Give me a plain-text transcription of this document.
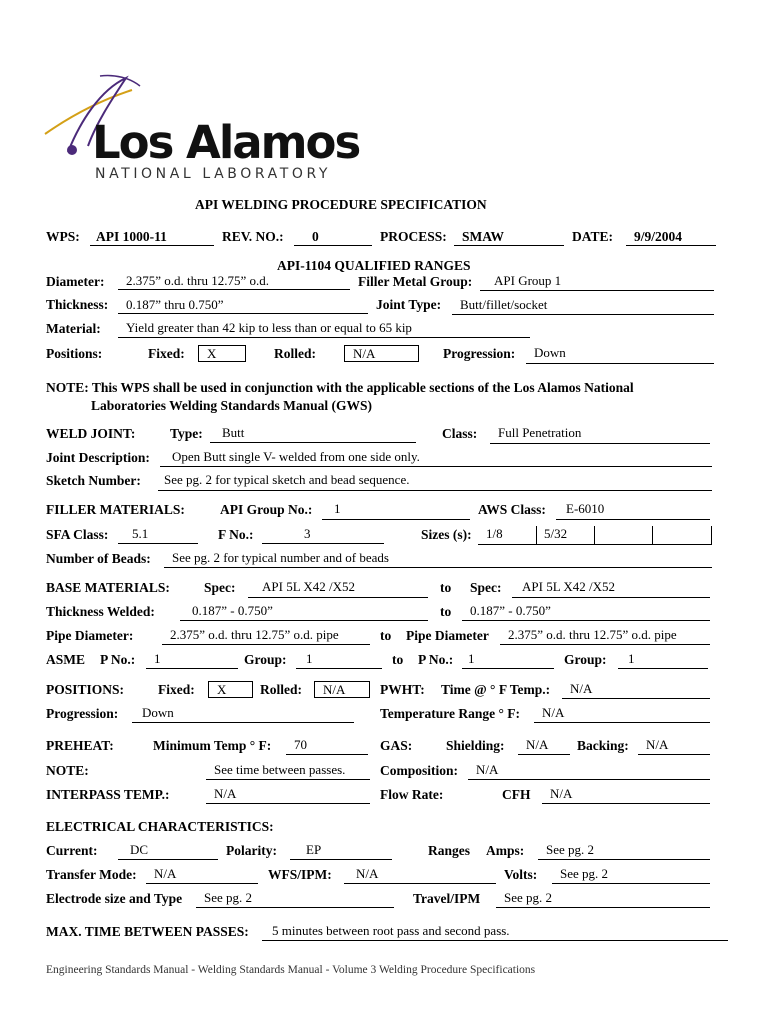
Los Alamos
NATIONAL LABORATORY
API WELDING PROCEDURE SPECIFICATION
WPS: API 1000-11	REV. NO.: 0	PROCESS: SMAW	DATE: 9/9/2004
API-1104 QUALIFIED RANGES
Diameter: 2.375” o.d. thru 12.75” o.d.	Filler Metal Group: API Group 1
Thickness: 0.187” thru 0.750”	Joint Type: Butt/fillet/socket
Material: Yield greater than 42 kip to less than or equal to 65 kip
Positions:	Fixed:	X	Rolled:	N/A	Progression: Down
NOTE: This WPS shall be used in conjunction with the applicable sections of the Los Alamos National
Laboratories Welding Standards Manual (GWS)
WELD JOINT:	Type: Butt	Class: Full Penetration
Joint Description: Open Butt single V- welded from one side only.
Sketch Number: See pg. 2 for typical sketch and bead sequence.
FILLER MATERIALS:	API Group No.: 1	AWS Class: E-6010
SFA Class: 5.1	F No.:	3	Sizes (s): 1/8	5/32
Number of Beads: See pg. 2 for typical number and of beads
BASE MATERIALS:	Spec: API 5L X42 /X52	to Spec: API 5L X42 /X52
Thickness Welded:	0.187” - 0.750”	to 0.187” - 0.750”
Pipe Diameter:	2.375” o.d. thru 12.75” o.d. pipe	to Pipe Diameter 2.375” o.d. thru 12.75” o.d. pipe
ASME P No.: 1	Group: 1	to P No.: 1	Group: 1
POSITIONS:	Fixed:	X	Rolled:	N/A	PWHT: Time @ ° F Temp.: N/A
Progression: Down	Temperature Range ° F: N/A
PREHEAT:	Minimum Temp ° F: 70	GAS: Shielding: N/A Backing: N/A
NOTE:	See time between passes.	Composition: N/A
INTERPASS TEMP.:	N/A	Flow Rate:	CFH N/A
ELECTRICAL CHARACTERISTICS:
Current:	DC	Polarity: EP	Ranges Amps: See pg. 2
Transfer Mode: N/A	WFS/IPM: N/A	Volts: See pg. 2
Electrode size and Type See pg. 2	Travel/IPM See pg. 2
MAX. TIME BETWEEN PASSES: 5 minutes between root pass and second pass.
Engineering Standards Manual - Welding Standards Manual - Volume 3 Welding Procedure Specifications
